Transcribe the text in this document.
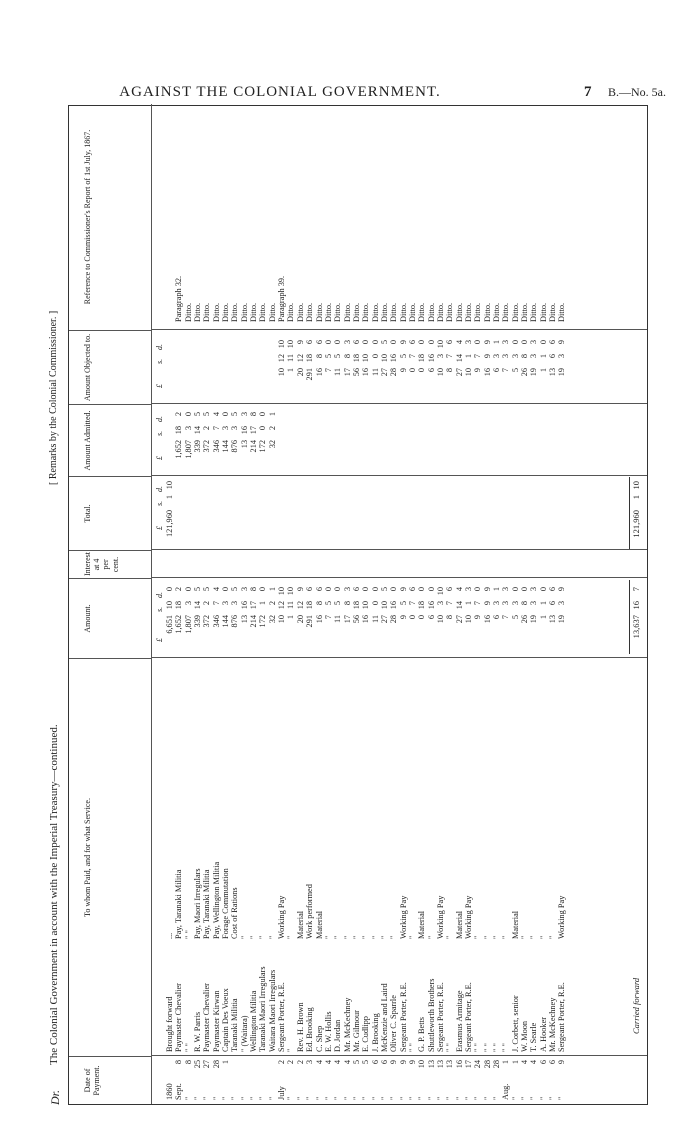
AGAINST THE COLONIAL GOVERNMENT.	7 B.—No. 5a.
Dr.
The Colonial Government in account with the Imperial Treasury—continued.
[ Remarks by the Colonial Commissioner. ]
Date of Payment.
To whom Paid, and for what Service.
Amount.
Interest at 4 per cent.
Total.
Amount Admitted.
Amount Objected to.
Reference to Commissioner's Report of 1st July, 1867.
£
s.
d.
£
s.
d.
£
s.
d.
£
s.
d.
1860
Brought forward
...
6,651
10
0
121,960
1
10
Sept.
8
Paymaster Chevalier
Pay, Taranaki Militia
1,652
18
2
1,652
18
2
Paragraph 32.
"
8
" "
" "
1,807
3
0
1,807
3
0
Ditto.
"
25
R. W. Parris
Pay, Maori Irregulars
339
14
5
339
14
5
Ditto.
"
27
Paymaster Chevalier
Pay, Taranaki Militia
372
2
5
372
2
5
Ditto.
"
28
Paymaster Kirwan
Pay, Wellington Militia
346
7
4
346
7
4
Ditto.
"
1
Captain Des Voeux
Forage Commutation
144
3
0
144
3
0
Ditto.
"
Taranaki Militia
Cost of Rations
876
3
5
876
3
5
Ditto.
"
" (Waitara)
"
13
16
3
13
16
3
Ditto.
"
Wellington Militia
"
214
17
8
214
17
8
Ditto.
"
Taranaki Maori Irregulars
"
172
1
0
172
0
0
Ditto.
"
Waitara Maori Irregulars
"
32
2
1
32
2
1
Ditto.
July
2
Sergeant Porter, R.E.
Working Pay
10
12
10
10
12
10
Paragraph 39.
"
2
"
"
1
11
10
1
11
10
Ditto.
"
2
Rev. H. Brown
Material
20
12
9
20
12
9
Ditto.
"
3
Ed. Brooking
Work performed
291
18
6
291
18
6
Ditto.
"
4
C. Shep
Material
16
8
6
16
8
6
Ditto.
"
4
E. W. Hollis
"
7
5
0
7
5
0
Ditto.
"
4
D. Jordan
"
11
5
0
11
5
0
Ditto.
"
4
Mr. McKechney
"
17
8
3
17
8
3
Ditto.
"
5
Mr. Gilmour
"
56
18
6
56
18
6
Ditto.
"
5
E. Cudlipp
"
16
10
0
16
10
0
Ditto.
"
6
J. Brooking
"
11
0
0
11
0
0
Ditto.
"
6
McKenzie and Laird
"
27
10
5
27
10
5
Ditto.
"
9
Oliver C. Sparrle
"
28
16
0
28
16
0
Ditto.
"
9
Sergeant Porter, R.E.
Working Pay
9
5
9
9
5
9
Ditto.
"
9
" "
"
0
7
6
0
7
6
Ditto.
"
10
G. P. Betts
Material
0
18
0
0
18
0
Ditto.
"
13
Shuttleworth Brothers
"
6
16
0
6
16
0
Ditto.
"
13
Sergeant Porter, R.E.
Working Pay
10
3
10
10
3
10
Ditto.
"
13
" "
"
8
7
6
8
7
6
Ditto.
"
16
Erasmus Armitage
Material
27
14
4
27
14
4
Ditto.
"
17
Sergeant Porter, R.E.
Working Pay
10
1
3
10
1
3
Ditto.
"
24
" "
"
9
7
0
9
7
0
Ditto.
"
28
" "
"
16
9
9
16
9
9
Ditto.
"
28
" "
"
6
3
1
6
3
1
Ditto.
Aug.
1
" "
"
7
3
3
7
3
3
Ditto.
"
1
J. Corbett, senior
Material
5
3
0
5
3
0
Ditto.
"
4
W. Moon
"
26
8
0
26
8
0
Ditto.
"
4
T. Searle
"
19
3
3
19
3
3
Ditto.
"
6
A. Hooker
"
1
1
0
1
1
0
Ditto.
"
6
Mr. McKechney
"
13
6
6
13
6
6
Ditto.
"
9
Sergeant Porter, R.E.
Working Pay
19
3
9
19
3
9
Ditto.
Carried forward
13,637
16
7
121,960
1
10
